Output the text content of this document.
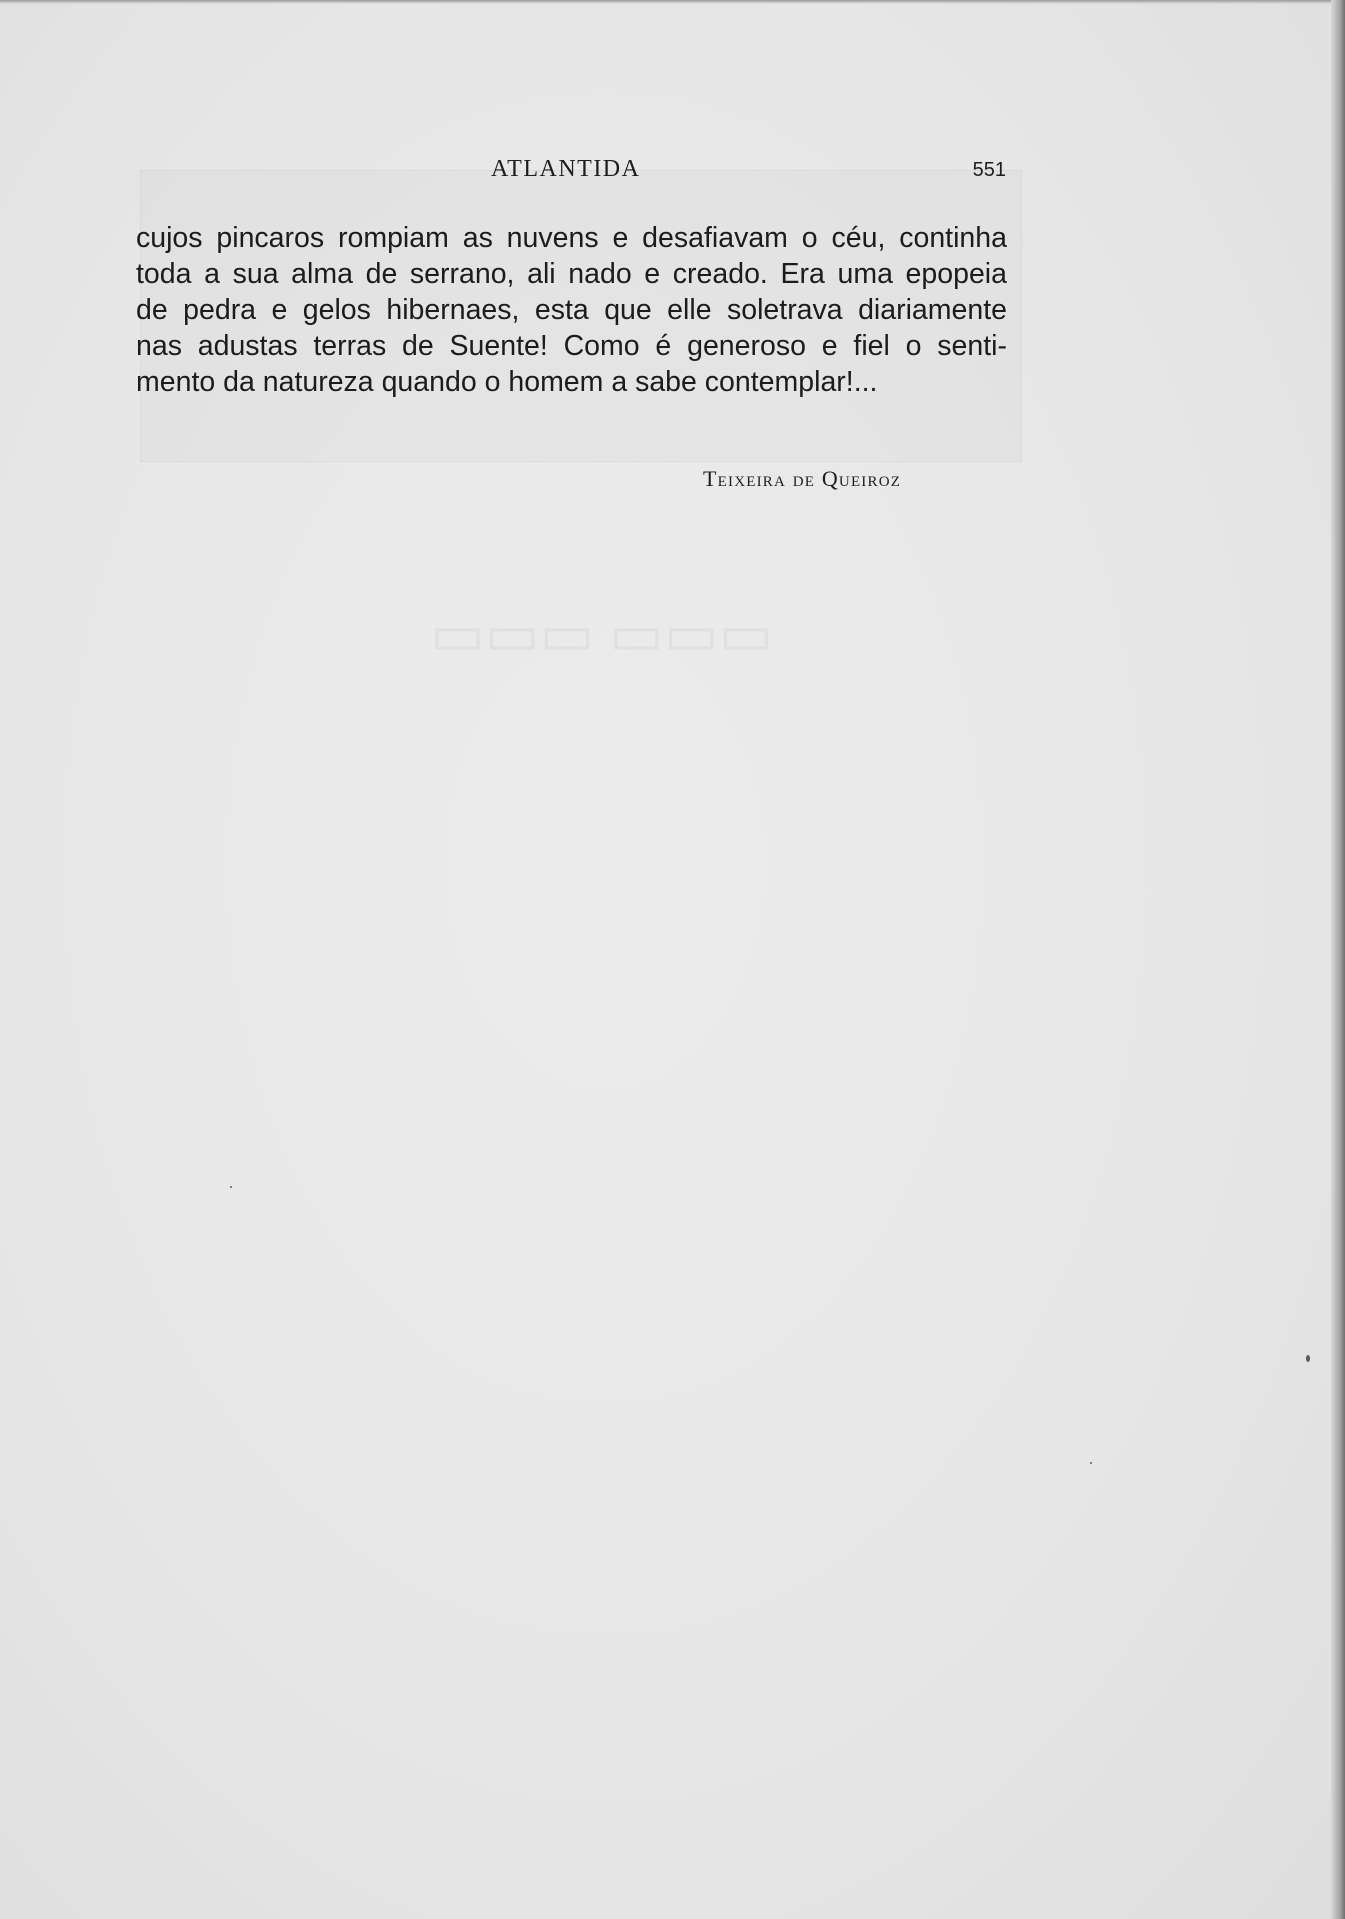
▭▭▭ ▭▭▭
ATLANTIDA	551
cujos pincaros rompiam as nuvens e desafiavam o céu, continha
toda a sua alma de serrano, ali nado e creado. Era uma epopeia
de pedra e gelos hibernaes, esta que elle soletrava diariamente
nas adustas terras de Suente! Como é generoso e fiel o senti-
mento da natureza quando o homem a sabe contemplar!...
Teixeira de Queiroz
